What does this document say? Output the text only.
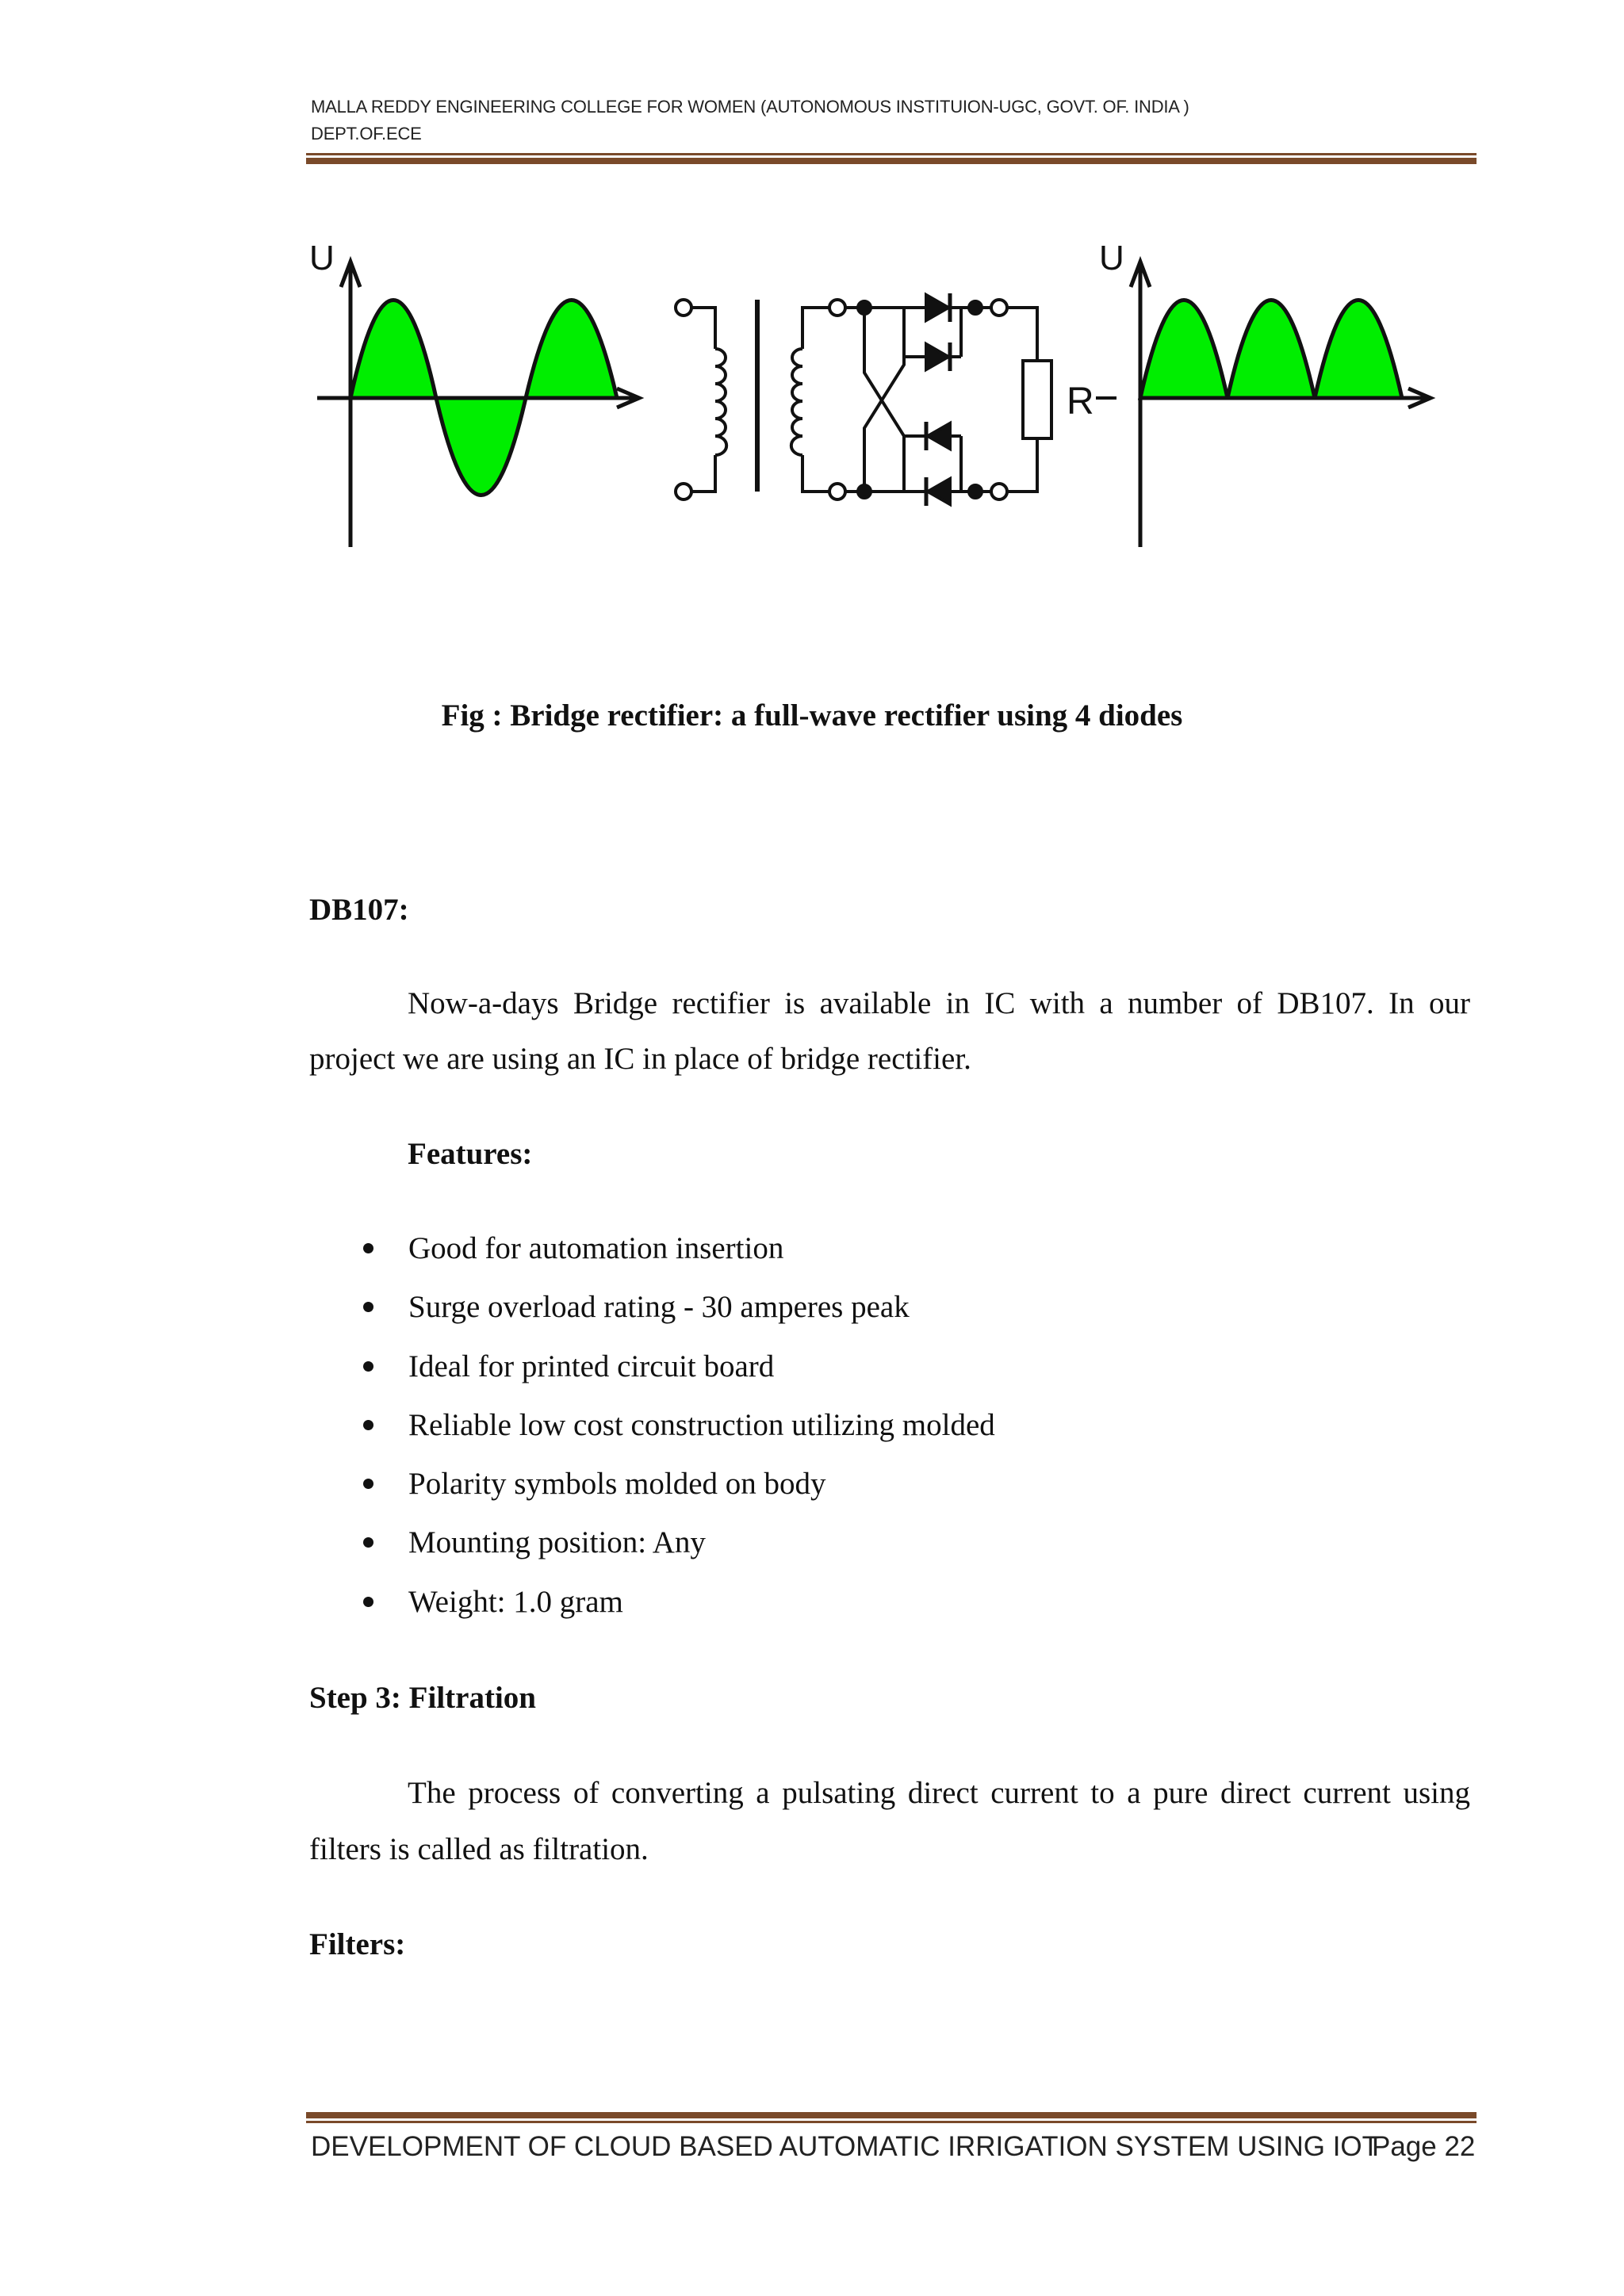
MALLA REDDY ENGINEERING COLLEGE FOR WOMEN (AUTONOMOUS INSTITUION-UGC, GOVT. OF. INDIA )
DEPT.OF.ECE
U
R
U
Fig : Bridge rectifier: a full-wave rectifier using 4 diodes
DB107:
Now-a-days Bridge rectifier is available in IC with a number of DB107. In our
project we are using an IC in place of bridge rectifier.
Features:
Good for automation insertion
Surge overload rating - 30 amperes peak
Ideal for printed circuit board
Reliable low cost construction utilizing molded
Polarity symbols molded on body
Mounting position: Any
Weight: 1.0 gram
Step 3: Filtration
The process of converting a pulsating direct current to a pure direct current using
filters is called as filtration.
Filters:
DEVELOPMENT OF CLOUD BASED AUTOMATIC IRRIGATION SYSTEM USING IOT
Page 22
